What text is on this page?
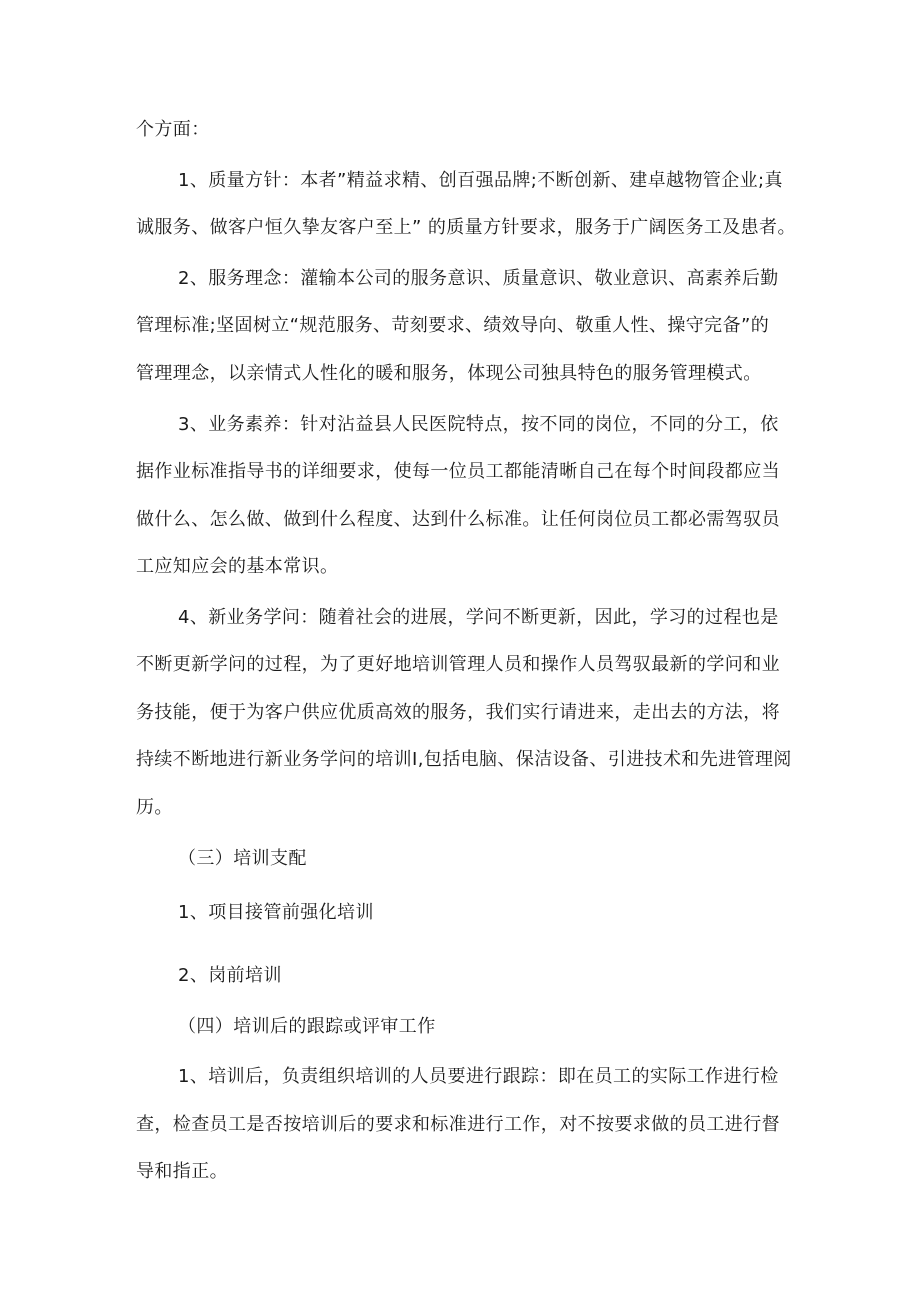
个方面：
1、质量方针：本者”精益求精、创百强品牌;不断创新、建卓越物管企业;真
诚服务、做客户恒久挚友客户至上” 的质量方针要求，服务于广阔医务工及患者。
2、服务理念：灌输本公司的服务意识、质量意识、敬业意识、高素养后勤
管理标准;坚固树立“规范服务、苛刻要求、绩效导向、敬重人性、操守完备”的
管理理念，以亲情式人性化的暖和服务，体现公司独具特色的服务管理模式。
3、业务素养：针对沾益县人民医院特点，按不同的岗位，不同的分工，依
据作业标准指导书的详细要求，使每一位员工都能清晰自己在每个时间段都应当
做什么、怎么做、做到什么程度、达到什么标准。让任何岗位员工都必需驾驭员
工应知应会的基本常识。
4、新业务学问：随着社会的进展，学问不断更新，因此，学习的过程也是
不断更新学问的过程，为了更好地培训管理人员和操作人员驾驭最新的学问和业
务技能，便于为客户供应优质高效的服务，我们实行请进来，走出去的方法，将
持续不断地进行新业务学问的培训I,包括电脑、保洁设备、引进技术和先进管理阅
历。
（三）培训支配
1、项目接管前强化培训
2、岗前培训
（四）培训后的跟踪或评审工作
1、培训后，负责组织培训的人员要进行跟踪：即在员工的实际工作进行检
查，检查员工是否按培训后的要求和标准进行工作，对不按要求做的员工进行督
导和指正。
